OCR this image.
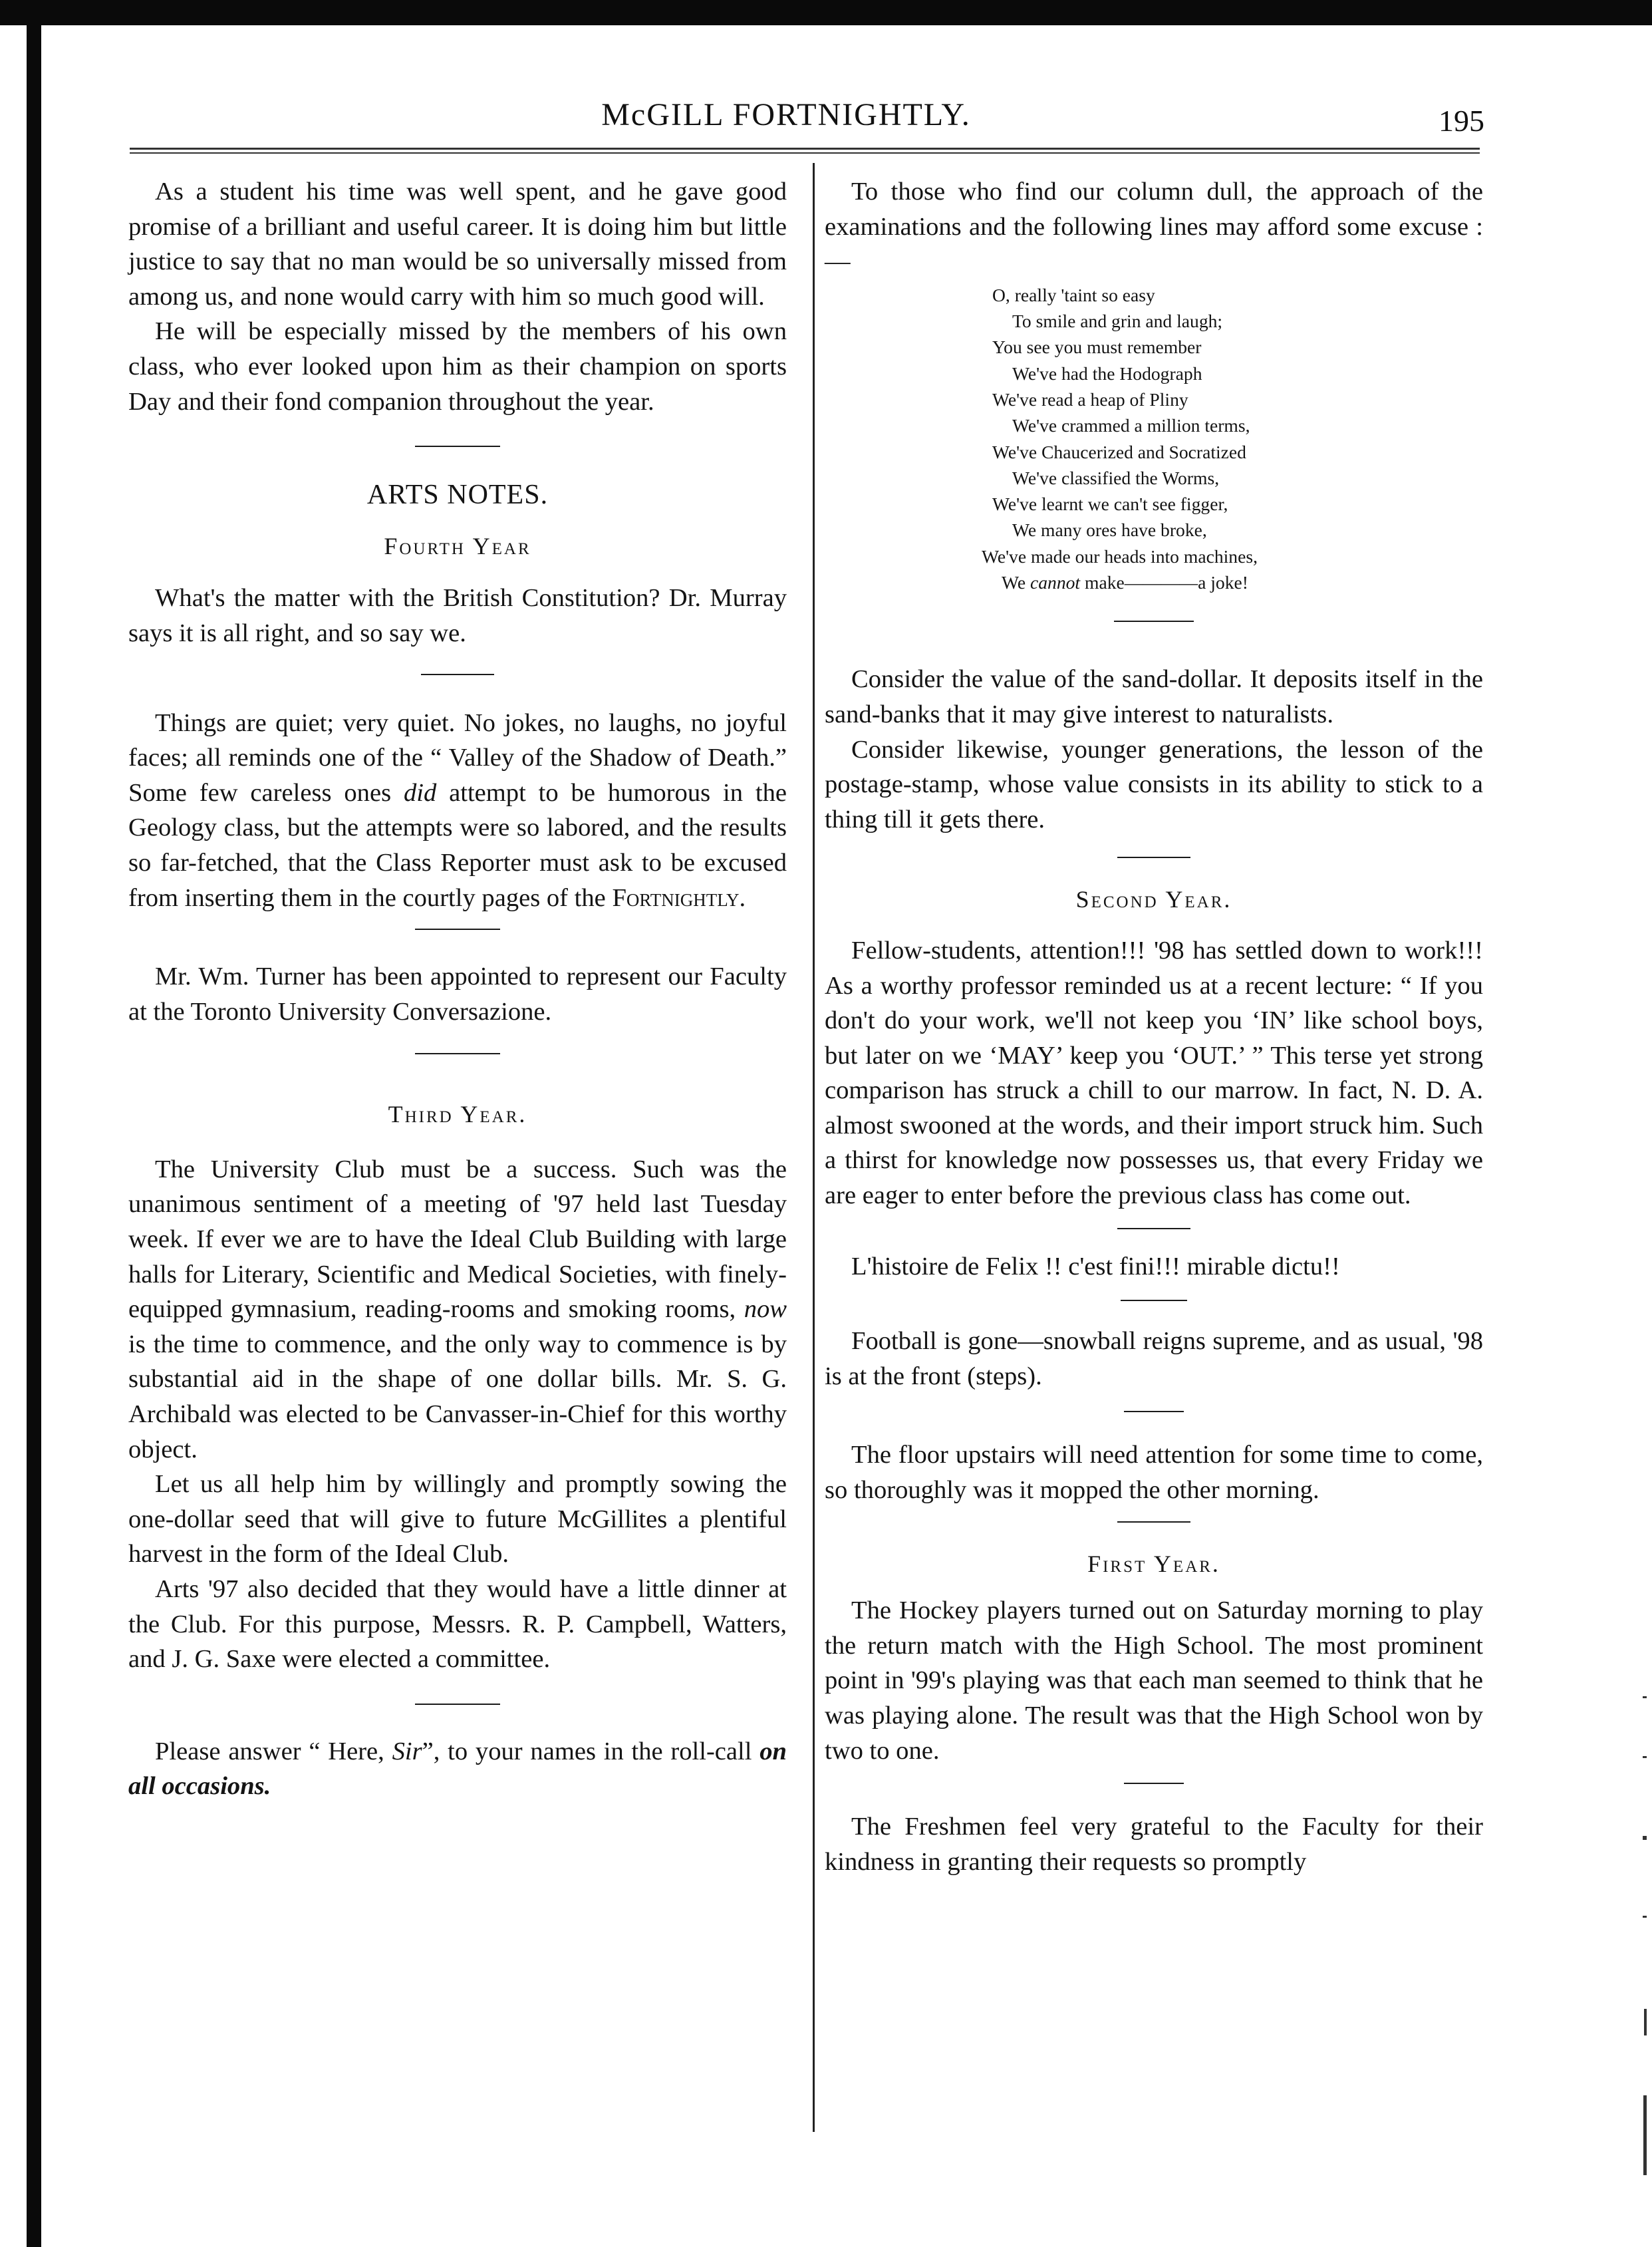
McGILL FORTNIGHTLY.	195

As a student his time was well spent, and he gave good promise of a brilliant and useful career. It is doing him but little justice to say that no man would be so universally missed from among us, and none would carry with him so much good will.

He will be especially missed by the members of his own class, who ever looked upon him as their champion on sports Day and their fond companion throughout the year.

ARTS NOTES.

Fourth Year

What's the matter with the British Constitution? Dr. Murray says it is all right, and so say we.

Things are quiet; very quiet. No jokes, no laughs, no joyful faces; all reminds one of the “ Valley of the Shadow of Death.” Some few careless ones did attempt to be humorous in the Geology class, but the attempts were so labored, and the results so far-fetched, that the Class Reporter must ask to be excused from inserting them in the courtly pages of the Fortnightly.

Mr. Wm. Turner has been appointed to represent our Faculty at the Toronto University Conversazione.

Third Year.

The University Club must be a success. Such was the unanimous sentiment of a meeting of '97 held last Tuesday week. If ever we are to have the Ideal Club Building with large halls for Literary, Scientific and Medical Societies, with finely-equipped gymnasium, reading-rooms and smoking rooms, now is the time to commence, and the only way to commence is by substantial aid in the shape of one dollar bills. Mr. S. G. Archibald was elected to be Canvasser-in-Chief for this worthy object.

Let us all help him by willingly and promptly sowing the one-dollar seed that will give to future McGillites a plentiful harvest in the form of the Ideal Club.

Arts '97 also decided that they would have a little dinner at the Club. For this purpose, Messrs. R. P. Campbell, Watters, and J. G. Saxe were elected a committee.

Please answer “ Here, Sir”, to your names in the roll-call on all occasions.

To those who find our column dull, the approach of the examinations and the following lines may afford some excuse :—

O, really 'taint so easy
To smile and grin and laugh;
You see you must remember
We've had the Hodograph
We've read a heap of Pliny
We've crammed a million terms,
We've Chaucerized and Socratized
We've classified the Worms,
We've learnt we can't see figger,
We many ores have broke,
We've made our heads into machines,
We cannot make————a joke!

Consider the value of the sand-dollar. It deposits itself in the sand-banks that it may give interest to naturalists.

Consider likewise, younger generations, the lesson of the postage-stamp, whose value consists in its ability to stick to a thing till it gets there.

Second Year.

Fellow-students, attention!!! '98 has settled down to work!!! As a worthy professor reminded us at a recent lecture: “ If you don't do your work, we'll not keep you ‘IN’ like school boys, but later on we ‘MAY’ keep you ‘OUT.’ ” This terse yet strong comparison has struck a chill to our marrow. In fact, N. D. A. almost swooned at the words, and their import struck him. Such a thirst for knowledge now possesses us, that every Friday we are eager to enter before the previous class has come out.

L'histoire de Felix !! c'est fini!!! mirable dictu!!

Football is gone—snowball reigns supreme, and as usual, '98 is at the front (steps).

The floor upstairs will need attention for some time to come, so thoroughly was it mopped the other morning.

First Year.

The Hockey players turned out on Saturday morning to play the return match with the High School. The most prominent point in '99's playing was that each man seemed to think that he was playing alone. The result was that the High School won by two to one.

The Freshmen feel very grateful to the Faculty for their kindness in granting their requests so promptly
